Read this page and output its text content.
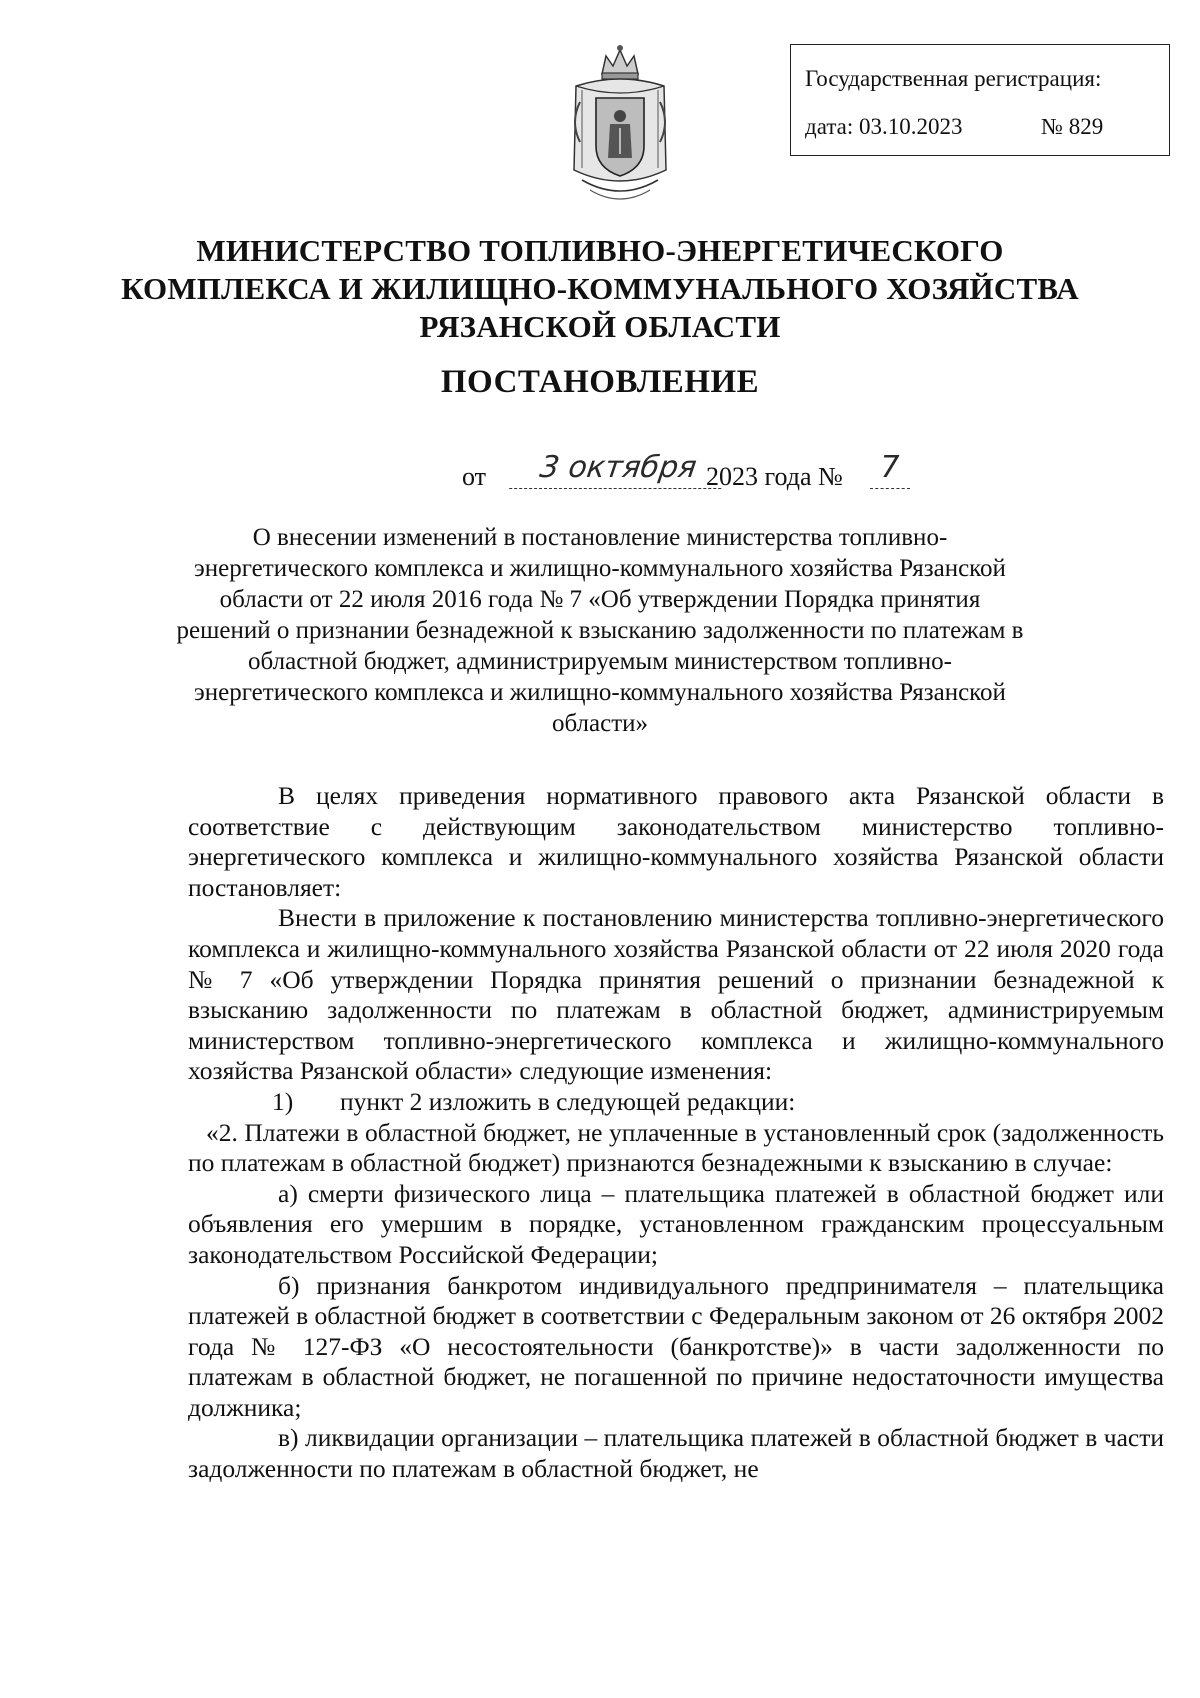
Государственная регистрация:
дата: 03.10.2023	№ 829
МИНИСТЕРСТВО ТОПЛИВНО-ЭНЕРГЕТИЧЕСКОГО
КОМПЛЕКСА И ЖИЛИЩНО-КОММУНАЛЬНОГО ХОЗЯЙСТВА
РЯЗАНСКОЙ ОБЛАСТИ
ПОСТАНОВЛЕНИЕ
от	3 октября 2023 года №	7
О внесении изменений в постановление министерства топливно-
энергетического комплекса и жилищно-коммунального хозяйства Рязанской
области от 22 июля 2016 года № 7 «Об утверждении Порядка принятия
решений о признании безнадежной к взысканию задолженности по платежам в
областной бюджет, администрируемым министерством топливно-
энергетического комплекса и жилищно-коммунального хозяйства Рязанской
области»

В целях приведения нормативного правового акта Рязанской области в соответствие с действующим законодательством министерство топливно-энергетического комплекса и жилищно-коммунального хозяйства Рязанской области постановляет:

Внести в приложение к постановлению министерства топливно-энергетического комплекса и жилищно-коммунального хозяйства Рязанской области от 22 июля 2020 года № 7 «Об утверждении Порядка принятия решений о признании безнадежной к взысканию задолженности по платежам в областной бюджет, администрируемым министерством топливно-энергетического комплекса и жилищно-коммунального хозяйства Рязанской области» следующие изменения:

1) пункт 2 изложить в следующей редакции:

«2. Платежи в областной бюджет, не уплаченные в установленный срок (задолженность по платежам в областной бюджет) признаются безнадежными к взысканию в случае:

а) смерти физического лица – плательщика платежей в областной бюджет или объявления его умершим в порядке, установленном гражданским процессуальным законодательством Российской Федерации;

б) признания банкротом индивидуального предпринимателя – плательщика платежей в областной бюджет в соответствии с Федеральным законом от 26 октября 2002 года № 127-ФЗ «О несостоятельности (банкротстве)» в части задолженности по платежам в областной бюджет, не погашенной по причине недостаточности имущества должника;

в) ликвидации организации – плательщика платежей в областной бюджет в части задолженности по платежам в областной бюджет, не
